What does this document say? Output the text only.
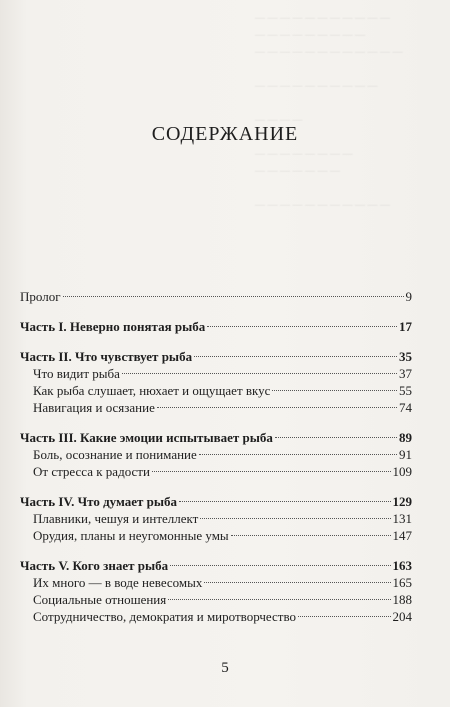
— — — — — — — — — — —
— — — — — — — — —
— — — — — — — — — — — —

— — — — — — — — — —

— — — —

— — — — — — — —
— — — — — — —

— — — — — — — — — — —
СОДЕРЖАНИЕ
Пролог	9
Часть I. Неверно понятая рыба	17
Часть II. Что чувствует рыба	35
Что видит рыба	37
Как рыба слушает, нюхает и ощущает вкус	55
Навигация и осязание	74
Часть III. Какие эмоции испытывает рыба	89
Боль, осознание и понимание	91
От стресса к радости	109
Часть IV. Что думает рыба	129
Плавники, чешуя и интеллект	131
Орудия, планы и неугомонные умы	147
Часть V. Кого знает рыба	163
Их много — в воде невесомых	165
Социальные отношения	188
Сотрудничество, демократия и миротворчество	204
5
